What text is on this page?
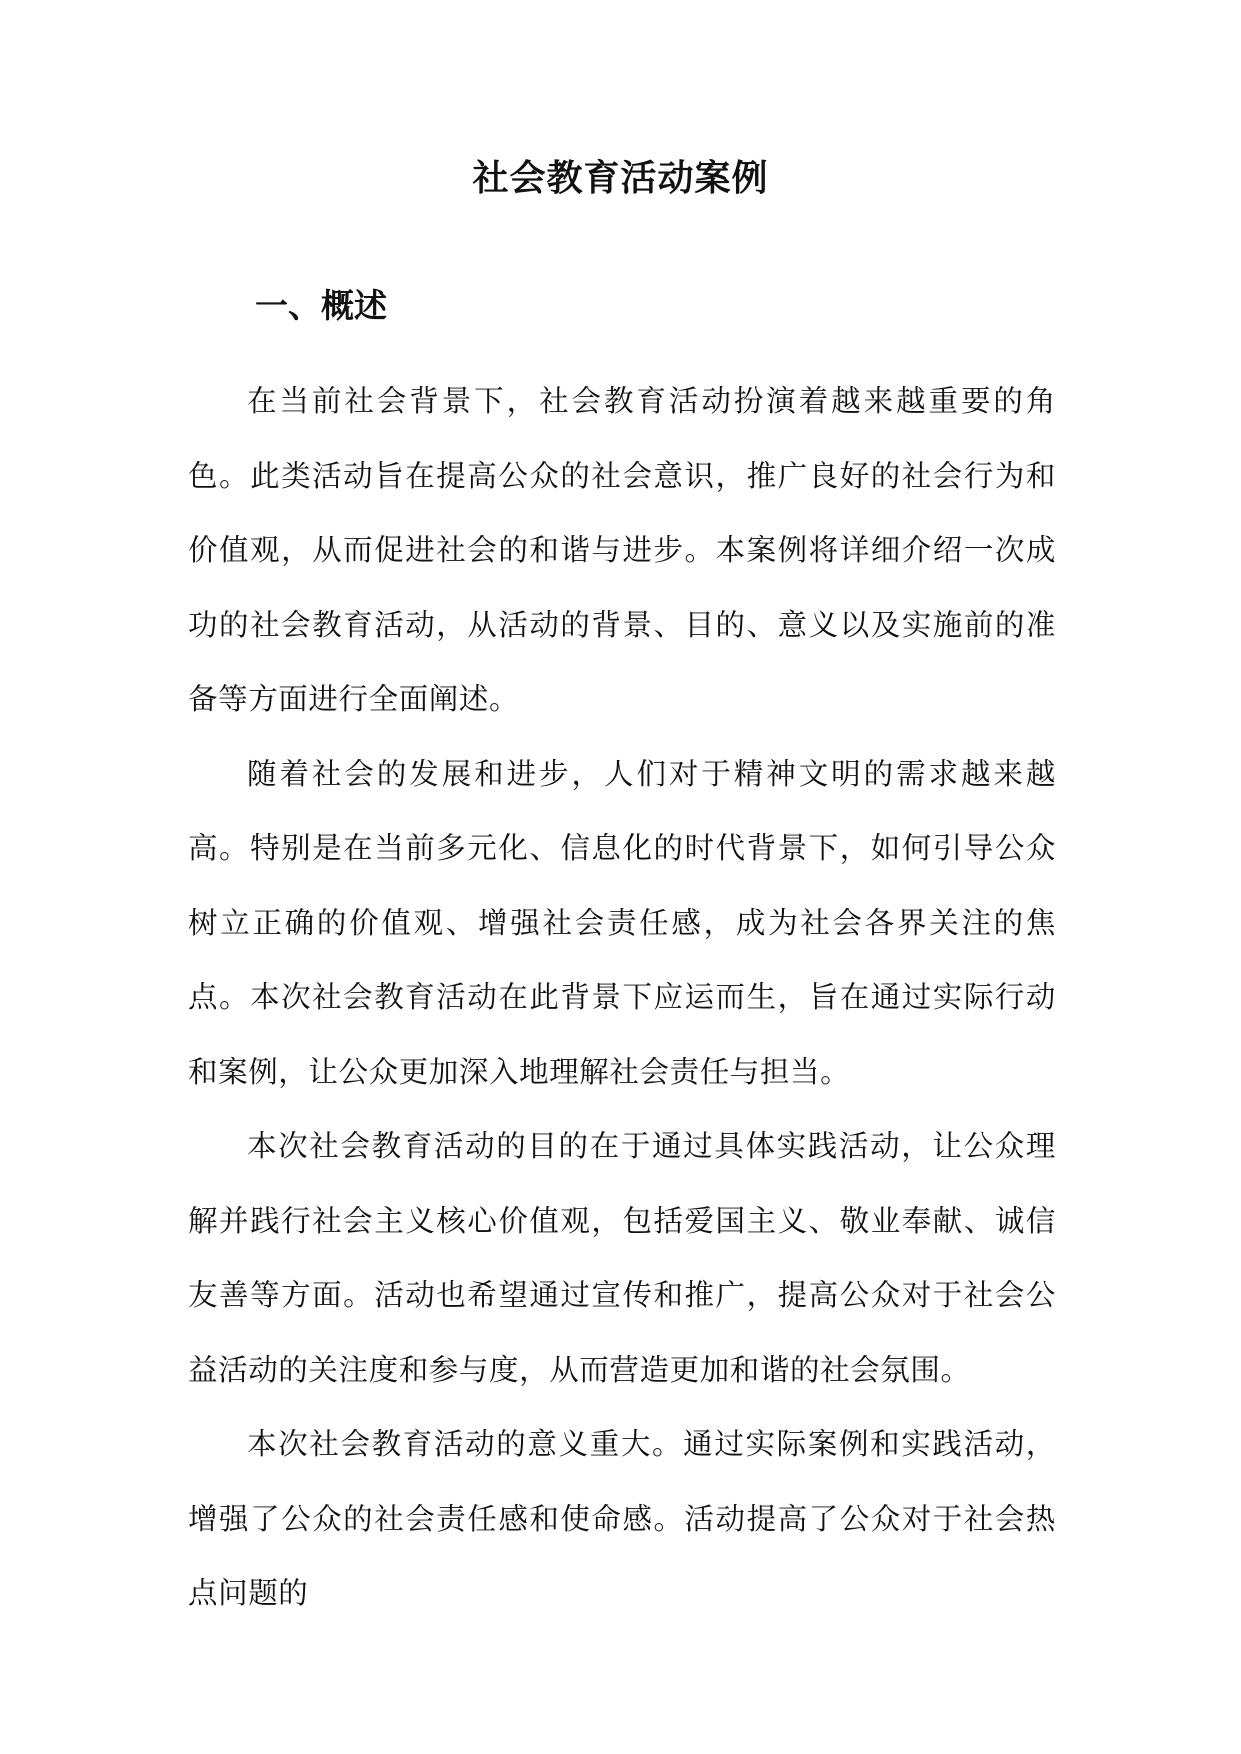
社会教育活动案例
一、概述

在当前社会背景下，社会教育活动扮演着越来越重要的角色。此类活动旨在提高公众的社会意识，推广良好的社会行为和价值观，从而促进社会的和谐与进步。本案例将详细介绍一次成功的社会教育活动，从活动的背景、目的、意义以及实施前的准备等方面进行全面阐述。

随着社会的发展和进步，人们对于精神文明的需求越来越高。特别是在当前多元化、信息化的时代背景下，如何引导公众树立正确的价值观、增强社会责任感，成为社会各界关注的焦点。本次社会教育活动在此背景下应运而生，旨在通过实际行动和案例，让公众更加深入地理解社会责任与担当。

本次社会教育活动的目的在于通过具体实践活动，让公众理解并践行社会主义核心价值观，包括爱国主义、敬业奉献、诚信友善等方面。活动也希望通过宣传和推广，提高公众对于社会公益活动的关注度和参与度，从而营造更加和谐的社会氛围。

本次社会教育活动的意义重大。通过实际案例和实践活动，增强了公众的社会责任感和使命感。活动提高了公众对于社会热点问题的
